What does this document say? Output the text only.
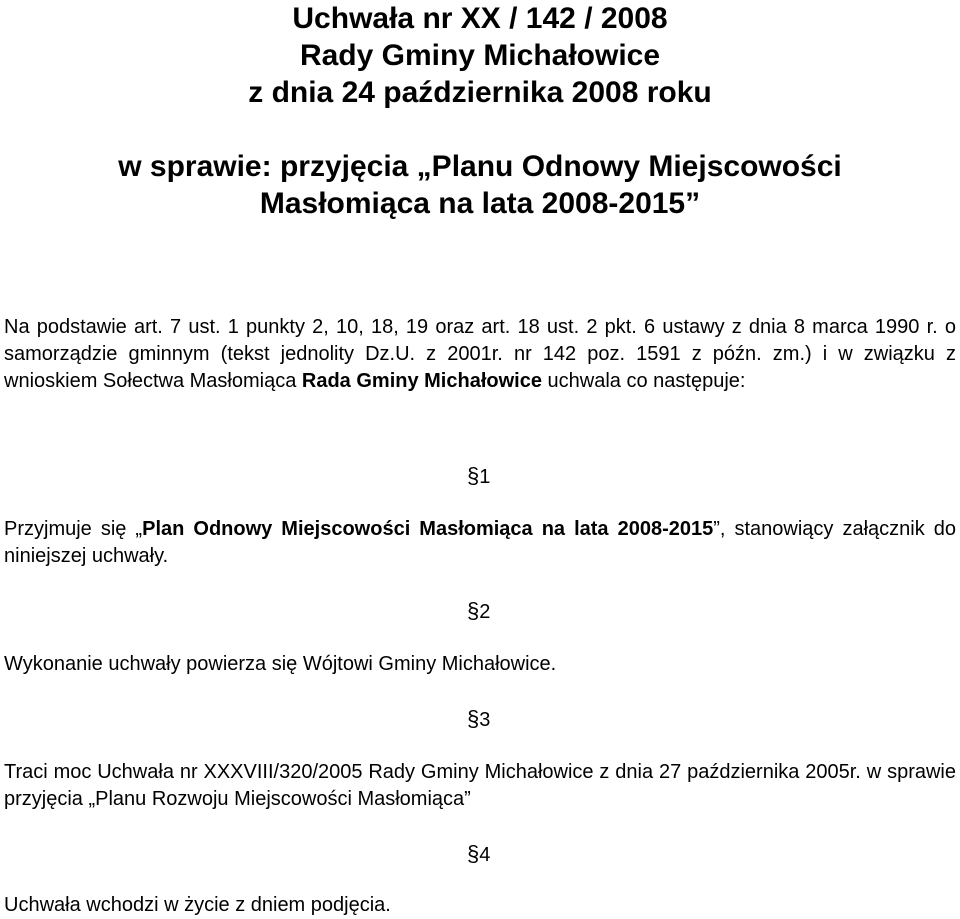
Uchwała nr XX / 142 / 2008
Rady Gminy Michałowice
z dnia 24 października 2008 roku
w sprawie: przyjęcia „Planu Odnowy Miejscowości
Masłomiąca na lata 2008-2015”
Na podstawie art. 7 ust. 1 punkty 2, 10, 18, 19 oraz art. 18 ust. 2 pkt. 6 ustawy z dnia 8 marca 1990 r. o samorządzie gminnym (tekst jednolity Dz.U. z 2001r. nr 142 poz. 1591 z późn. zm.) i w związku z wnioskiem Sołectwa Masłomiąca Rada Gminy Michałowice uchwala co następuje:
§1
Przyjmuje się „Plan Odnowy Miejscowości Masłomiąca na lata 2008-2015”, stanowiący załącznik do niniejszej uchwały.
§2
Wykonanie uchwały powierza się Wójtowi Gminy Michałowice.
§3
Traci moc Uchwała nr XXXVIII/320/2005 Rady Gminy Michałowice z dnia 27 października 2005r. w sprawie przyjęcia „Planu Rozwoju Miejscowości Masłomiąca”
§4
Uchwała wchodzi w życie z dniem podjęcia.
